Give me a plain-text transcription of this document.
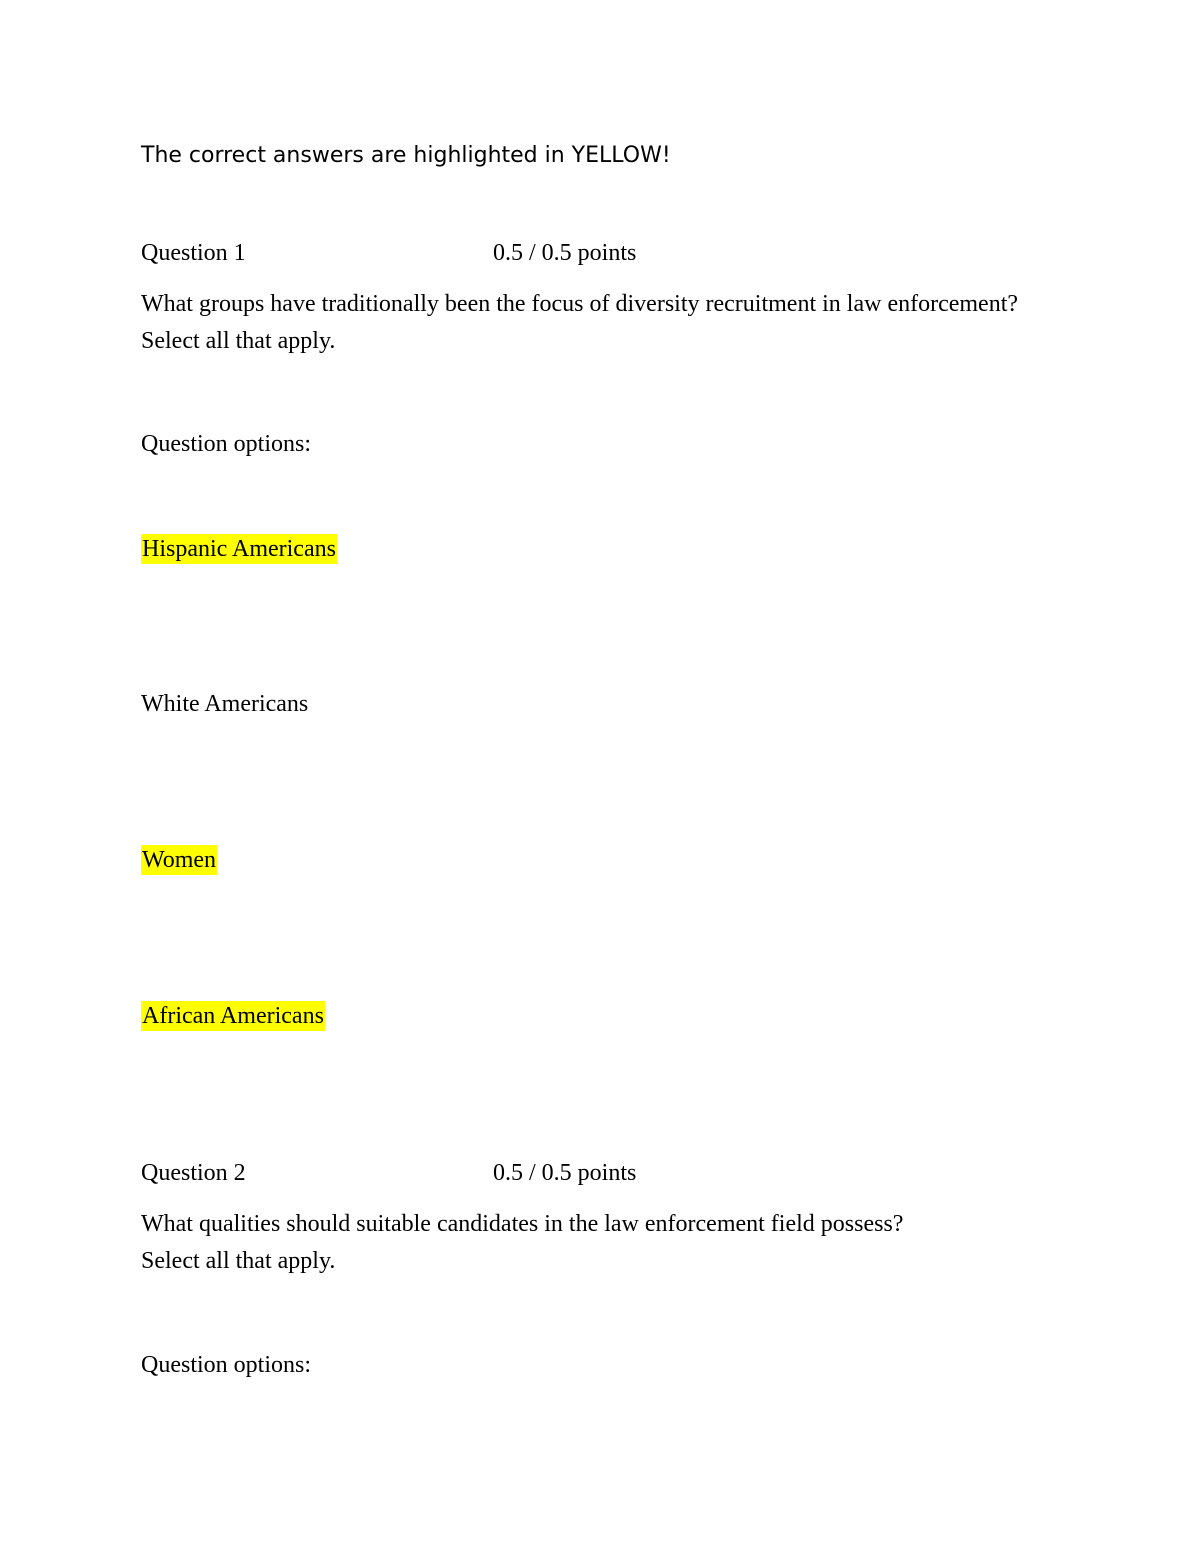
The correct answers are highlighted in YELLOW!
Question 1	0.5 / 0.5 points
What groups have traditionally been the focus of diversity recruitment in law enforcement? Select all that apply.
Question options:
Hispanic Americans
White Americans
Women
African Americans
Question 2	0.5 / 0.5 points
What qualities should suitable candidates in the law enforcement field possess?
Select all that apply.
Question options:
